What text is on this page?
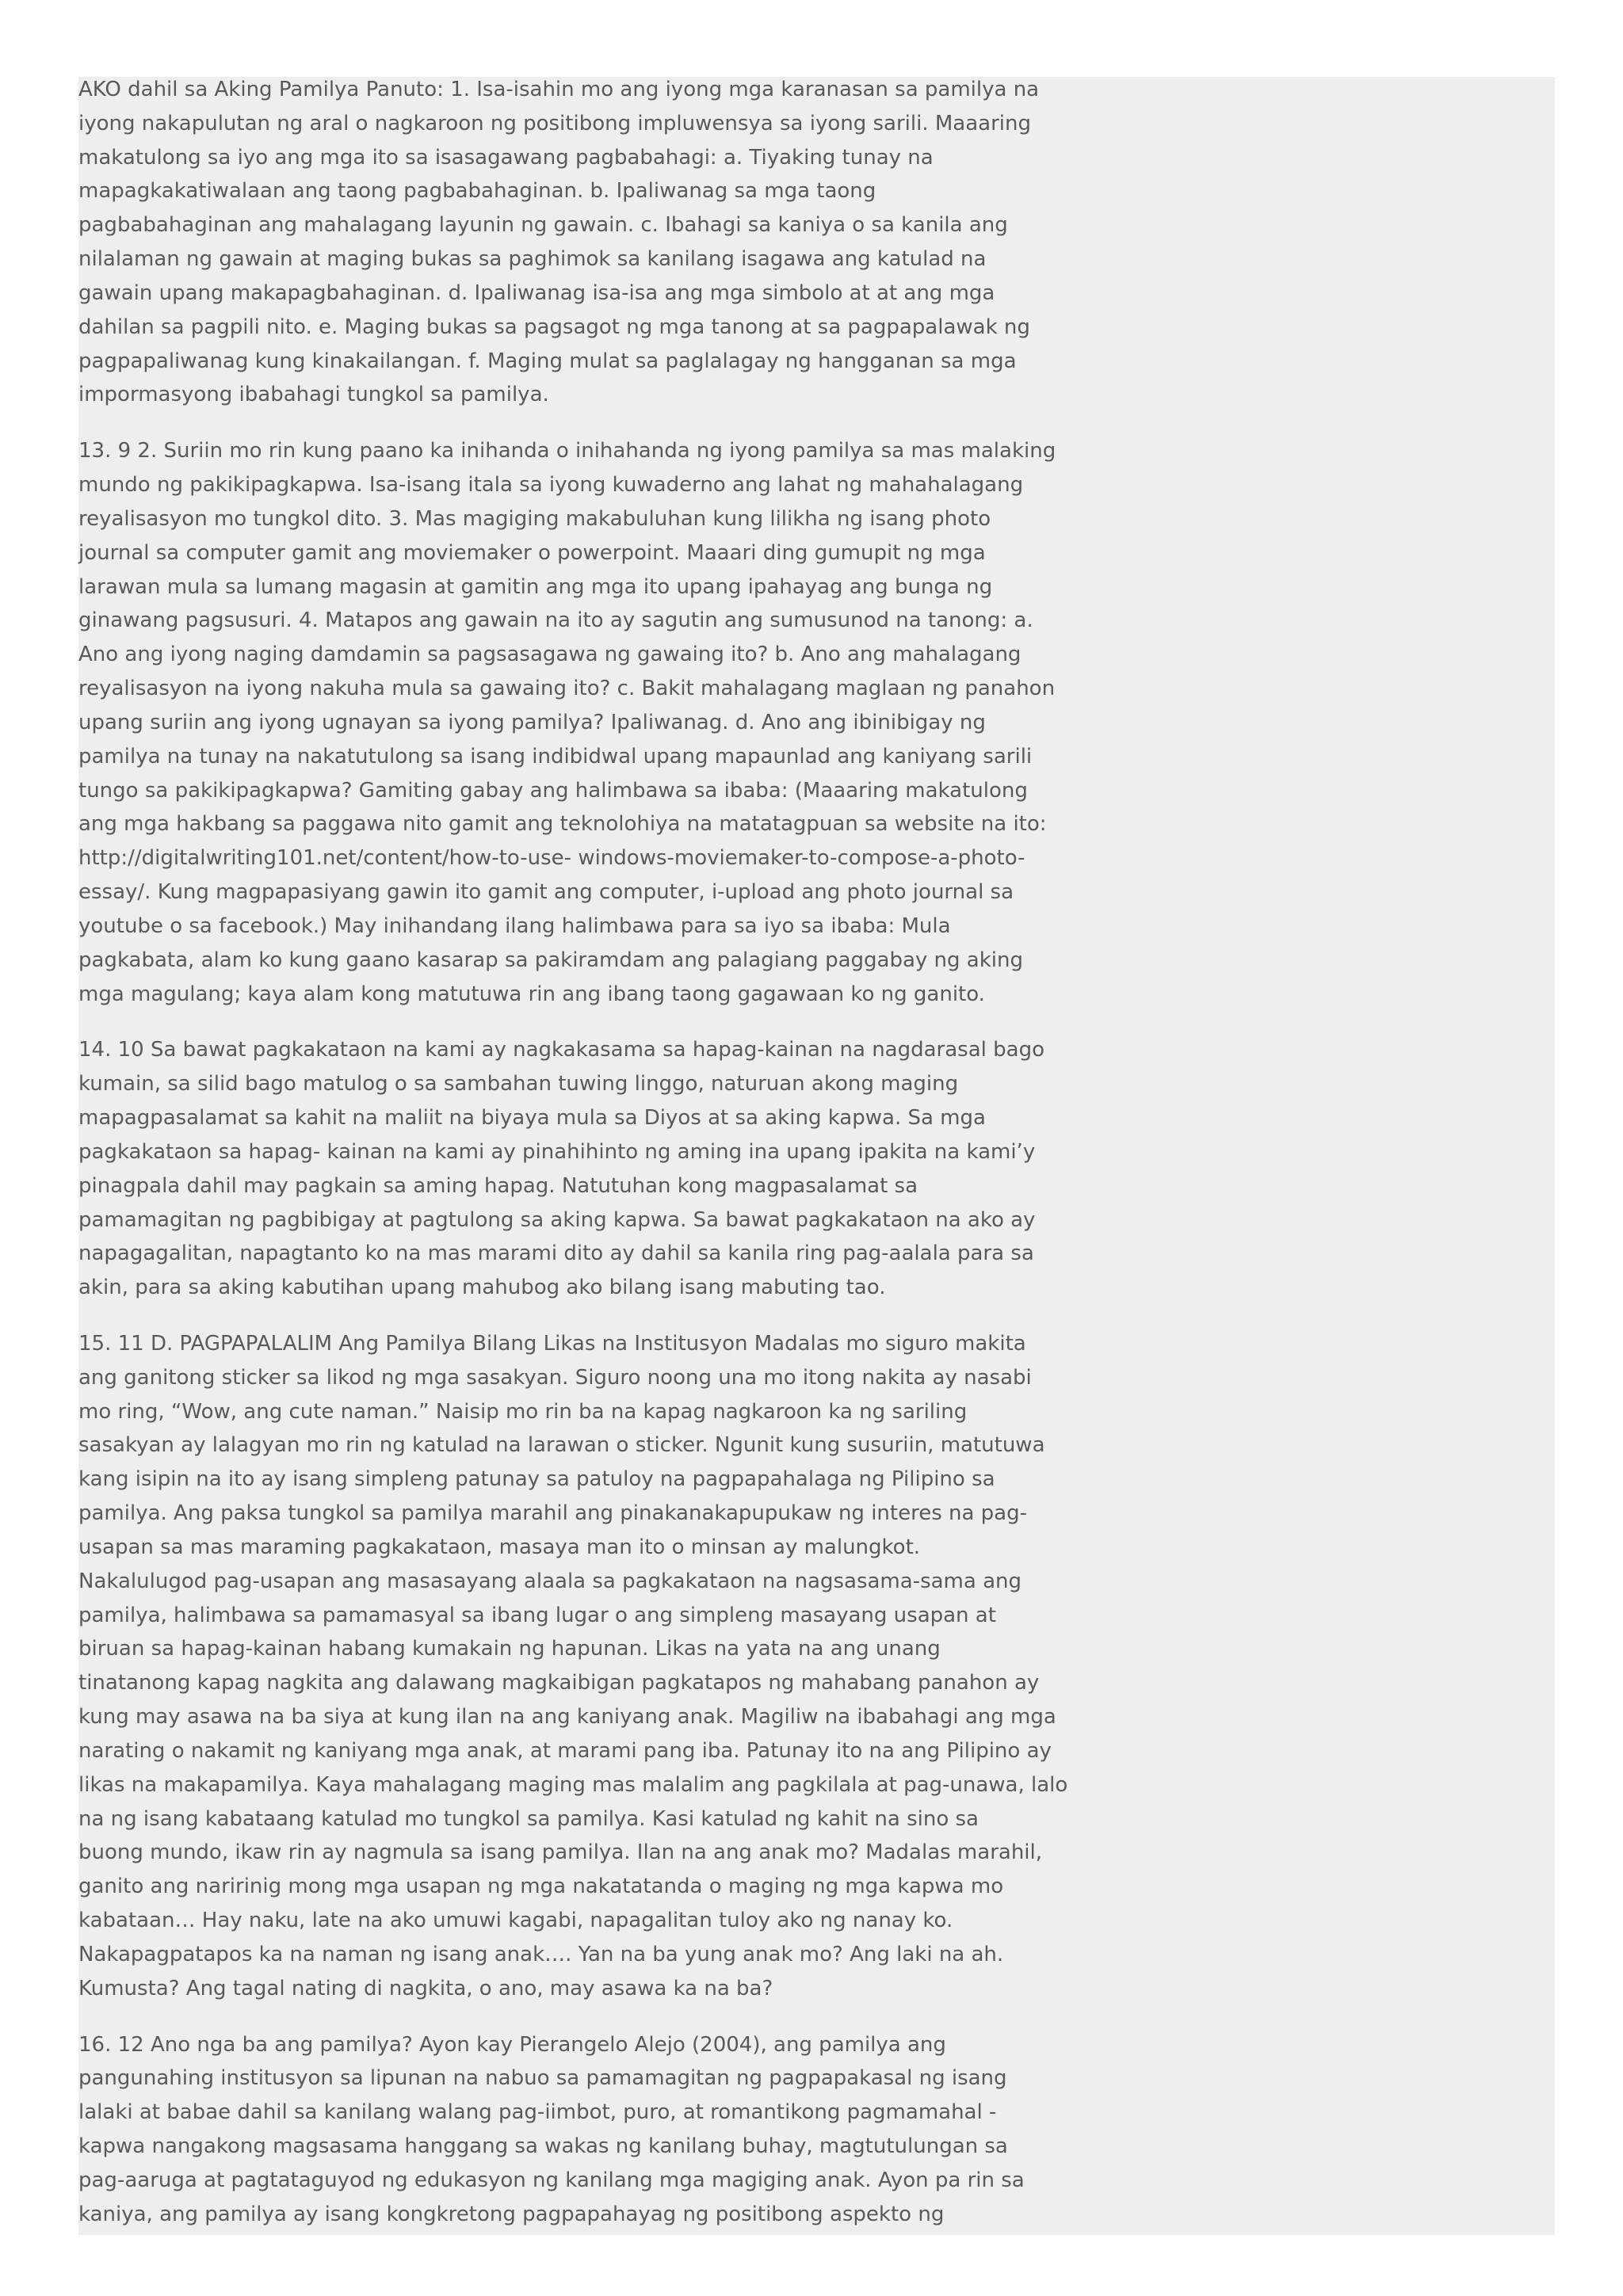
AKO dahil sa Aking Pamilya Panuto: 1. Isa-isahin mo ang iyong mga karanasan sa pamilya na
iyong nakapulutan ng aral o nagkaroon ng positibong impluwensya sa iyong sarili. Maaaring
makatulong sa iyo ang mga ito sa isasagawang pagbabahagi: a. Tiyaking tunay na
mapagkakatiwalaan ang taong pagbabahaginan. b. Ipaliwanag sa mga taong
pagbabahaginan ang mahalagang layunin ng gawain. c. Ibahagi sa kaniya o sa kanila ang
nilalaman ng gawain at maging bukas sa paghimok sa kanilang isagawa ang katulad na
gawain upang makapagbahaginan. d. Ipaliwanag isa-isa ang mga simbolo at at ang mga
dahilan sa pagpili nito. e. Maging bukas sa pagsagot ng mga tanong at sa pagpapalawak ng
pagpapaliwanag kung kinakailangan. f. Maging mulat sa paglalagay ng hangganan sa mga
impormasyong ibabahagi tungkol sa pamilya.
13. 9 2. Suriin mo rin kung paano ka inihanda o inihahanda ng iyong pamilya sa mas malaking
mundo ng pakikipagkapwa. Isa-isang itala sa iyong kuwaderno ang lahat ng mahahalagang
reyalisasyon mo tungkol dito. 3. Mas magiging makabuluhan kung lilikha ng isang photo
journal sa computer gamit ang moviemaker o powerpoint. Maaari ding gumupit ng mga
larawan mula sa lumang magasin at gamitin ang mga ito upang ipahayag ang bunga ng
ginawang pagsusuri. 4. Matapos ang gawain na ito ay sagutin ang sumusunod na tanong: a.
Ano ang iyong naging damdamin sa pagsasagawa ng gawaing ito? b. Ano ang mahalagang
reyalisasyon na iyong nakuha mula sa gawaing ito? c. Bakit mahalagang maglaan ng panahon
upang suriin ang iyong ugnayan sa iyong pamilya? Ipaliwanag. d. Ano ang ibinibigay ng
pamilya na tunay na nakatutulong sa isang indibidwal upang mapaunlad ang kaniyang sarili
tungo sa pakikipagkapwa? Gamiting gabay ang halimbawa sa ibaba: (Maaaring makatulong
ang mga hakbang sa paggawa nito gamit ang teknolohiya na matatagpuan sa website na ito:
http://digitalwriting101.net/content/how-to-use- windows-moviemaker-to-compose-a-photo-
essay/. Kung magpapasiyang gawin ito gamit ang computer, i-upload ang photo journal sa
youtube o sa facebook.) May inihandang ilang halimbawa para sa iyo sa ibaba: Mula
pagkabata, alam ko kung gaano kasarap sa pakiramdam ang palagiang paggabay ng aking
mga magulang; kaya alam kong matutuwa rin ang ibang taong gagawaan ko ng ganito.
14. 10 Sa bawat pagkakataon na kami ay nagkakasama sa hapag-kainan na nagdarasal bago
kumain, sa silid bago matulog o sa sambahan tuwing linggo, naturuan akong maging
mapagpasalamat sa kahit na maliit na biyaya mula sa Diyos at sa aking kapwa. Sa mga
pagkakataon sa hapag- kainan na kami ay pinahihinto ng aming ina upang ipakita na kami’y
pinagpala dahil may pagkain sa aming hapag. Natutuhan kong magpasalamat sa
pamamagitan ng pagbibigay at pagtulong sa aking kapwa. Sa bawat pagkakataon na ako ay
napagagalitan, napagtanto ko na mas marami dito ay dahil sa kanila ring pag-aalala para sa
akin, para sa aking kabutihan upang mahubog ako bilang isang mabuting tao.
15. 11 D. PAGPAPALALIM Ang Pamilya Bilang Likas na Institusyon Madalas mo siguro makita
ang ganitong sticker sa likod ng mga sasakyan. Siguro noong una mo itong nakita ay nasabi
mo ring, “Wow, ang cute naman.” Naisip mo rin ba na kapag nagkaroon ka ng sariling
sasakyan ay lalagyan mo rin ng katulad na larawan o sticker. Ngunit kung susuriin, matutuwa
kang isipin na ito ay isang simpleng patunay sa patuloy na pagpapahalaga ng Pilipino sa
pamilya. Ang paksa tungkol sa pamilya marahil ang pinakanakapupukaw ng interes na pag-
usapan sa mas maraming pagkakataon, masaya man ito o minsan ay malungkot.
Nakalulugod pag-usapan ang masasayang alaala sa pagkakataon na nagsasama-sama ang
pamilya, halimbawa sa pamamasyal sa ibang lugar o ang simpleng masayang usapan at
biruan sa hapag-kainan habang kumakain ng hapunan. Likas na yata na ang unang
tinatanong kapag nagkita ang dalawang magkaibigan pagkatapos ng mahabang panahon ay
kung may asawa na ba siya at kung ilan na ang kaniyang anak. Magiliw na ibabahagi ang mga
narating o nakamit ng kaniyang mga anak, at marami pang iba. Patunay ito na ang Pilipino ay
likas na makapamilya. Kaya mahalagang maging mas malalim ang pagkilala at pag-unawa, lalo
na ng isang kabataang katulad mo tungkol sa pamilya. Kasi katulad ng kahit na sino sa
buong mundo, ikaw rin ay nagmula sa isang pamilya. Ilan na ang anak mo? Madalas marahil,
ganito ang naririnig mong mga usapan ng mga nakatatanda o maging ng mga kapwa mo
kabataan… Hay naku, late na ako umuwi kagabi, napagalitan tuloy ako ng nanay ko.
Nakapagpatapos ka na naman ng isang anak…. Yan na ba yung anak mo? Ang laki na ah.
Kumusta? Ang tagal nating di nagkita, o ano, may asawa ka na ba?
16. 12 Ano nga ba ang pamilya? Ayon kay Pierangelo Alejo (2004), ang pamilya ang
pangunahing institusyon sa lipunan na nabuo sa pamamagitan ng pagpapakasal ng isang
lalaki at babae dahil sa kanilang walang pag-iimbot, puro, at romantikong pagmamahal -
kapwa nangakong magsasama hanggang sa wakas ng kanilang buhay, magtutulungan sa
pag-aaruga at pagtataguyod ng edukasyon ng kanilang mga magiging anak. Ayon pa rin sa
kaniya, ang pamilya ay isang kongkretong pagpapahayag ng positibong aspekto ng
